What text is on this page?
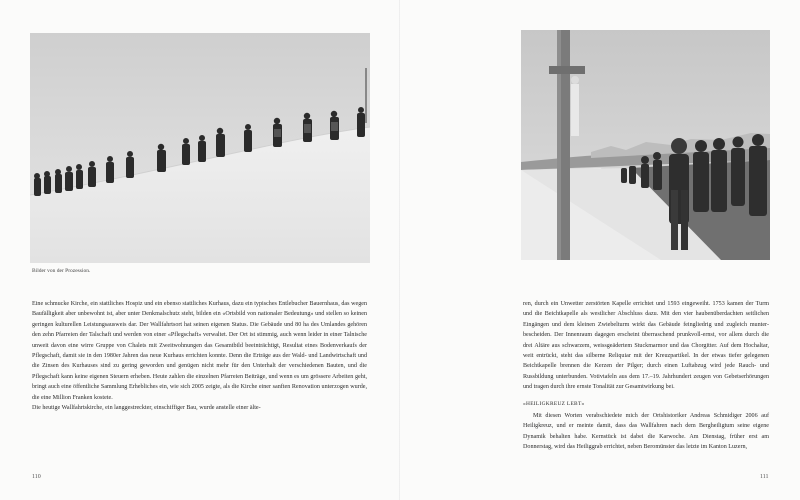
Bilder von der Prozession.

Eine schmucke Kirche, ein stattliches Hospiz und ein ebenso stattliches Kurhaus, dazu ein typisches Entlebucher Bauernhaus, das wegen Baufälligkeit aber unbewohnt ist, aber unter Denkmalschutz steht, bilden ein «Ortsbild von nationaler Bedeutung» und stellen so keinen geringen kulturellen Leistungsausweis dar. Der Wallfahrtsort hat seinen eigenen Status. Die Gebäude und 80 ha des Umlandes gehören den zehn Pfarreien der Talschaft und werden von einer «Pflegschaft» verwaltet. Der Ort ist stimmig, auch wenn leider in einer Talnische unweit davon eine wirre Gruppe von Chalets mit Zweitwohnungen das Gesamtbild beeinträchtigt, Resultat eines Bodenverkaufs der Pflegschaft, damit sie in den 1980er Jahren das neue Kurhaus errichten konnte. Denn die Erträge aus der Wald- und Landwirtschaft und die Zinsen des Kurhauses sind zu gering geworden und genügen nicht mehr für den Unterhalt der verschiedenen Bauten, und die Pflegschaft kann keine eigenen Steuern erheben. Heute zahlen die einzelnen Pfarreien Beiträge, und wenn es um grössere Arbeiten geht, bringt auch eine öffentliche Sammlung Erhebliches ein, wie sich 2005 zeigte, als die Kirche einer sanften Renovation unterzogen wurde, die eine Million Franken kostete.

Die heutige Wallfahrtskirche, ein langgestreckter, einschiffiger Bau, wurde anstelle einer älte-

110

ren, durch ein Unwetter zerstörten Kapelle errichtet und 1593 eingeweiht. 1753 kamen der Turm und die Beichtkapelle als westlicher Abschluss dazu. Mit den vier haubenüberdachten seitlichen Eingängen und dem kleinen Zwiebelturm wirkt das Gebäude feingliedrig und zugleich munter-bescheiden. Der Innenraum dagegen erscheint überraschend prunkvoll-ernst, vor allem durch die drei Altäre aus schwarzem, weissgeädertem Stuckmarmor und das Chorgitter. Auf dem Hochaltar, weit entrückt, steht das silberne Reliquiar mit der Kreuzpartikel. In der etwas tiefer gelegenen Beichtkapelle brennen die Kerzen der Pilger; durch einen Luftabzug wird jede Rauch- und Russbildung unterbunden. Votivtafeln aus dem 17.–19. Jahrhundert zeugen von Gebetserhörungen und tragen durch ihre ernste Tonalität zur Gesamtwirkung bei.

«HEILIGKREUZ LEBT»

Mit diesen Worten verabschiedete mich der Ortshistoriker Andreas Schmidiger 2006 auf Heiligkreuz, und er meinte damit, dass das Wallfahren nach dem Bergheiligtum seine eigene Dynamik behalten habe. Kernstück ist dabei die Karwoche. Am Dienstag, früher erst am Donnerstag, wird das Heiliggrab errichtet, neben Beromünster das letzte im Kanton Luzern,

111
